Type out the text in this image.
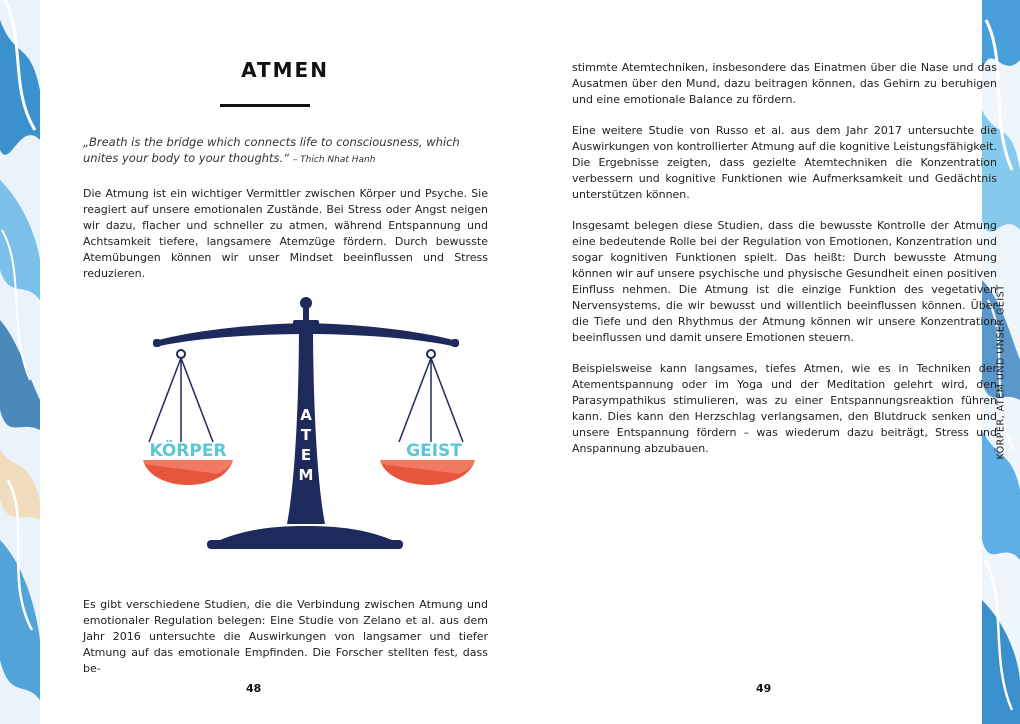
ATMEN

„Breath is the bridge which connects life to consciousness, which unites your body to your thoughts.“ – Thich Nhat Hanh

Die Atmung ist ein wichtiger Vermittler zwischen Körper und Psyche. Sie reagiert auf unsere emotionalen Zustände. Bei Stress oder Angst neigen wir dazu, flacher und schneller zu atmen, während Entspannung und Achtsamkeit tiefere, langsamere Atemzüge fördern. Durch bewusste Atemübungen können wir unser Mindset beeinflussen und Stress reduzieren.

KÖRPER	GEIST
A
T
E
M

Es gibt verschiedene Studien, die die Verbindung zwischen Atmung und emotionaler Regulation belegen: Eine Studie von Zelano et al. aus dem Jahr 2016 untersuchte die Auswirkungen von langsamer und tiefer Atmung auf das emotionale Empfinden. Die Forscher stellten fest, dass be-

48

stimmte Atemtechniken, insbesondere das Einatmen über die Nase und das Ausatmen über den Mund, dazu beitragen können, das Gehirn zu beruhigen und eine emotionale Balance zu fördern.

Eine weitere Studie von Russo et al. aus dem Jahr 2017 untersuchte die Auswirkungen von kontrollierter Atmung auf die kognitive Leistungsfähigkeit. Die Ergebnisse zeigten, dass gezielte Atemtechniken die Konzentration verbessern und kognitive Funktionen wie Aufmerksamkeit und Gedächtnis unterstützen können.

Insgesamt belegen diese Studien, dass die bewusste Kontrolle der Atmung eine bedeutende Rolle bei der Regulation von Emotionen, Konzentration und sogar kognitiven Funktionen spielt. Das heißt: Durch bewusste Atmung können wir auf unsere psychische und physische Gesundheit einen positiven Einfluss nehmen. Die Atmung ist die einzige Funktion des vegetativen Nervensystems, die wir bewusst und willentlich beeinflussen können. Über die Tiefe und den Rhythmus der Atmung können wir unsere Konzentration beeinflussen und damit unsere Emotionen steuern.

Beispielsweise kann langsames, tiefes Atmen, wie es in Techniken der Atementspannung oder im Yoga und der Meditation gelehrt wird, den Parasympathikus stimulieren, was zu einer Entspannungsreaktion führen kann. Dies kann den Herzschlag verlangsamen, den Blutdruck senken und unsere Entspannung fördern – was wiederum dazu beiträgt, Stress und Anspannung abzubauen.

49
KÖRPER, ATEM UND UNSER GEIST
